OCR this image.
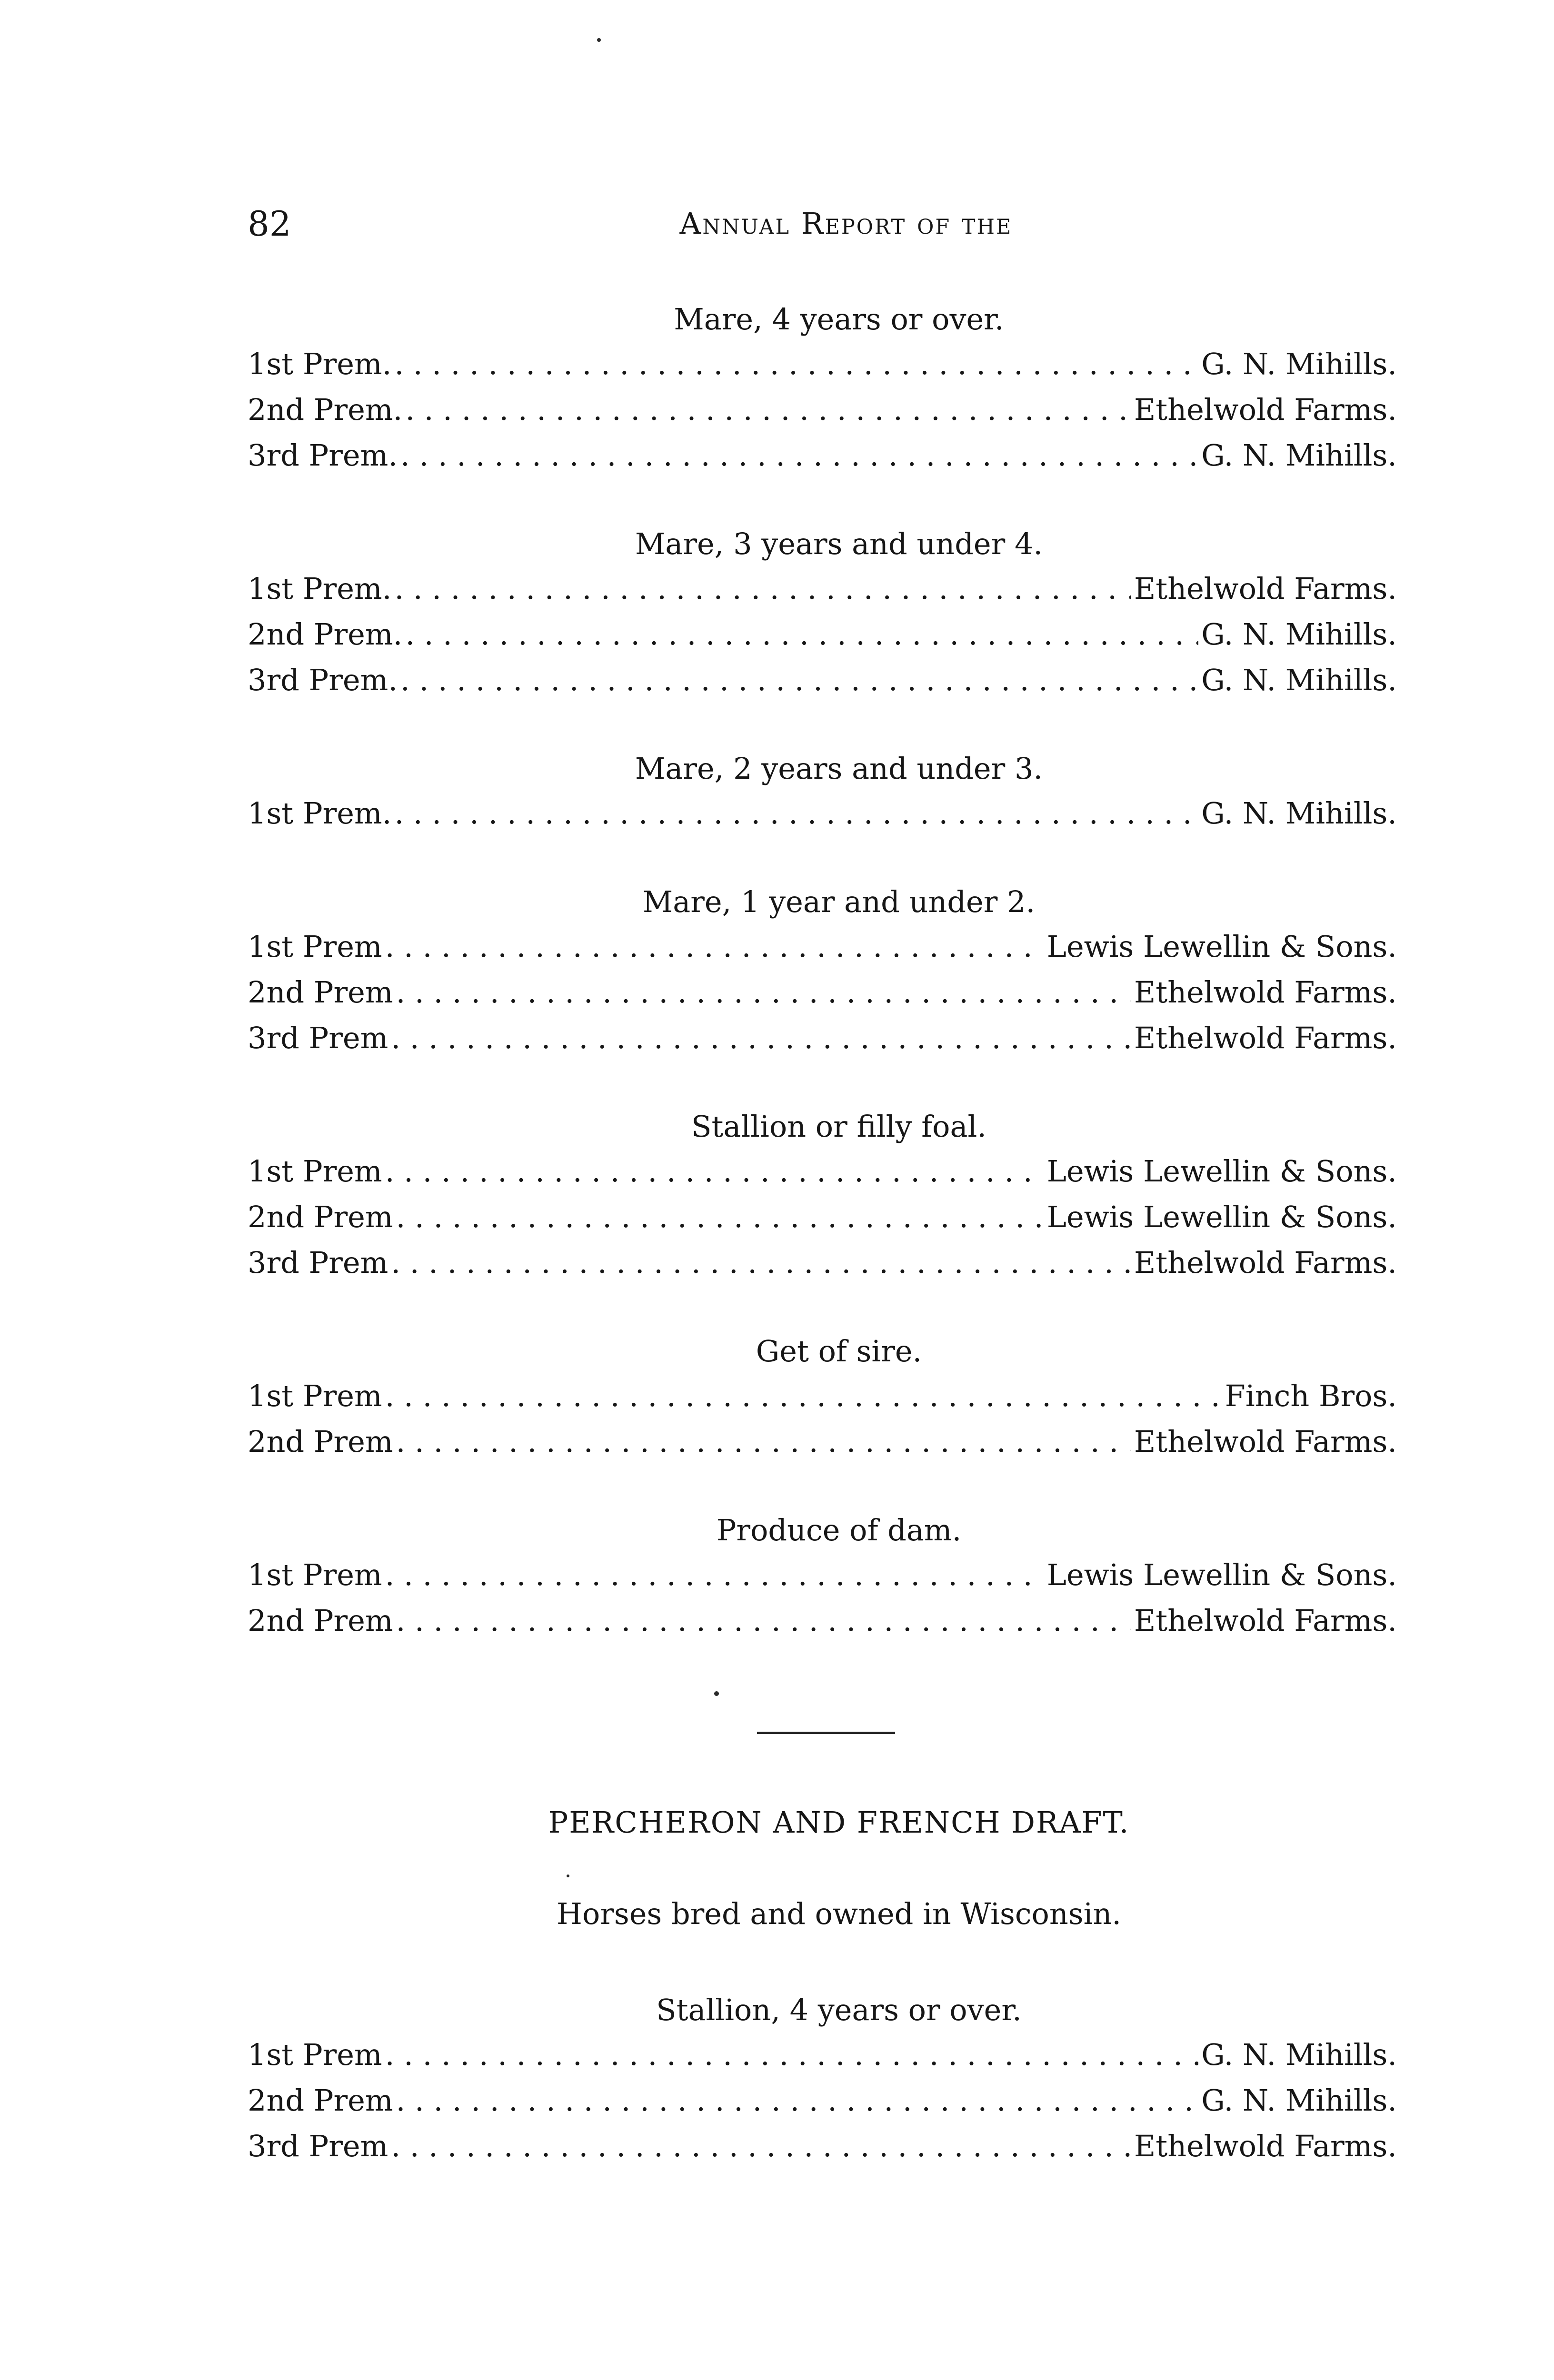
82	Annual Report of the
Mare, 4 years or over.
1st Prem. . . .	G. N. Mihills.
2nd Prem. . . .	Ethelwold Farms.
3rd Prem. . . .	G. N. Mihills.
Mare, 3 years and under 4.
1st Prem. . . .	Ethelwold Farms.
2nd Prem. . . .	G. N. Mihills.
3rd Prem. . . .	G. N. Mihills.
Mare, 2 years and under 3.
1st Prem. . . .	G. N. Mihills.
Mare, 1 year and under 2.
1st Prem . . .	Lewis Lewellin & Sons.
2nd Prem . . .	Ethelwold Farms.
3rd Prem . . .	Ethelwold Farms.
Stallion or filly foal.
1st Prem . . .	Lewis Lewellin & Sons.
2nd Prem . . .	Lewis Lewellin & Sons.
3rd Prem . . .	Ethelwold Farms.
Get of sire.
1st Prem . . .	Finch Bros.
2nd Prem . . .	Ethelwold Farms.
Produce of dam.
1st Prem . . .	Lewis Lewellin & Sons.
2nd Prem . . .	Ethelwold Farms.
PERCHERON AND FRENCH DRAFT.
Horses bred and owned in Wisconsin.
Stallion, 4 years or over.
1st Prem . . .	G. N. Mihills.
2nd Prem . . .	G. N. Mihills.
3rd Prem . . .	Ethelwold Farms.
